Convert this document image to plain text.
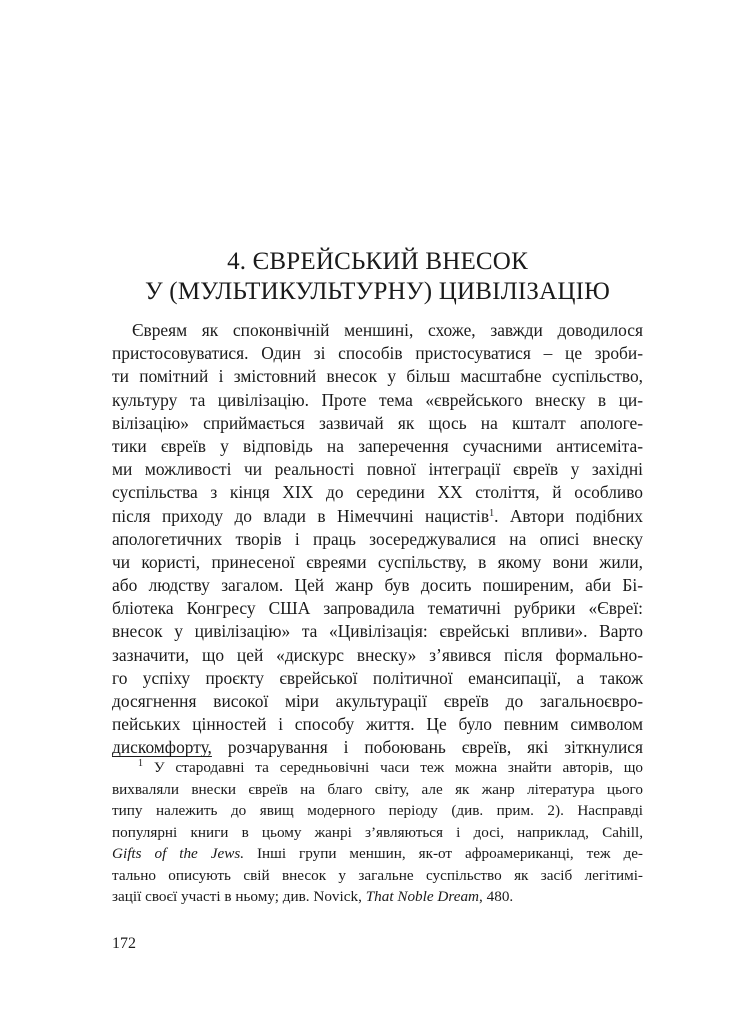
4. ЄВРЕЙСЬКИЙ ВНЕСОК
У (МУЛЬТИКУЛЬТУРНУ) ЦИВІЛІЗАЦІЮ
Євреям як споконвічній меншині, схоже, завжди доводилося
пристосовуватися. Один зі способів пристосуватися – це зроби-
ти помітний і змістовний внесок у більш масштабне суспільство,
культуру та цивілізацію. Проте тема «єврейського внеску в ци-
вілізацію» сприймається зазвичай як щось на кшталт апологе-
тики євреїв у відповідь на заперечення сучасними антисеміта-
ми можливості чи реальності повної інтеграції євреїв у західні
суспільства з кінця XIX до середини XX століття, й особливо
після приходу до влади в Німеччині нацистів$^1$. Автори подібних
апологетичних творів і праць зосереджувалися на описі внеску
чи користі, принесеної євреями суспільству, в якому вони жили,
або людству загалом. Цей жанр був досить поширеним, аби Бі-
бліотека Конгресу США запровадила тематичні рубрики «Євреї:
внесок у цивілізацію» та «Цивілізація: єврейські впливи». Варто
зазначити, що цей «дискурс внеску» з’явився після формально-
го успіху проєкту єврейської політичної емансипації, а також
досягнення високої міри акультурації євреїв до загальноєвро-
пейських цінностей і способу життя. Це було певним символом
дискомфорту, розчарування і побоювань євреїв, які зіткнулися
$^1$ У стародавні та середньовічні часи теж можна знайти авторів, що
вихваляли внески євреїв на благо світу, але як жанр література цього
типу належить до явищ модерного періоду (див. прим. 2). Насправді
популярні книги в цьому жанрі з’являються і досі, наприклад, Cahill,
Gifts of the Jews. Інші групи меншин, як-от афроамериканці, теж де-
тально описують свій внесок у загальне суспільство як засіб легітимі-
зації своєї участі в ньому; див. Novick, That Noble Dream, 480.
172
